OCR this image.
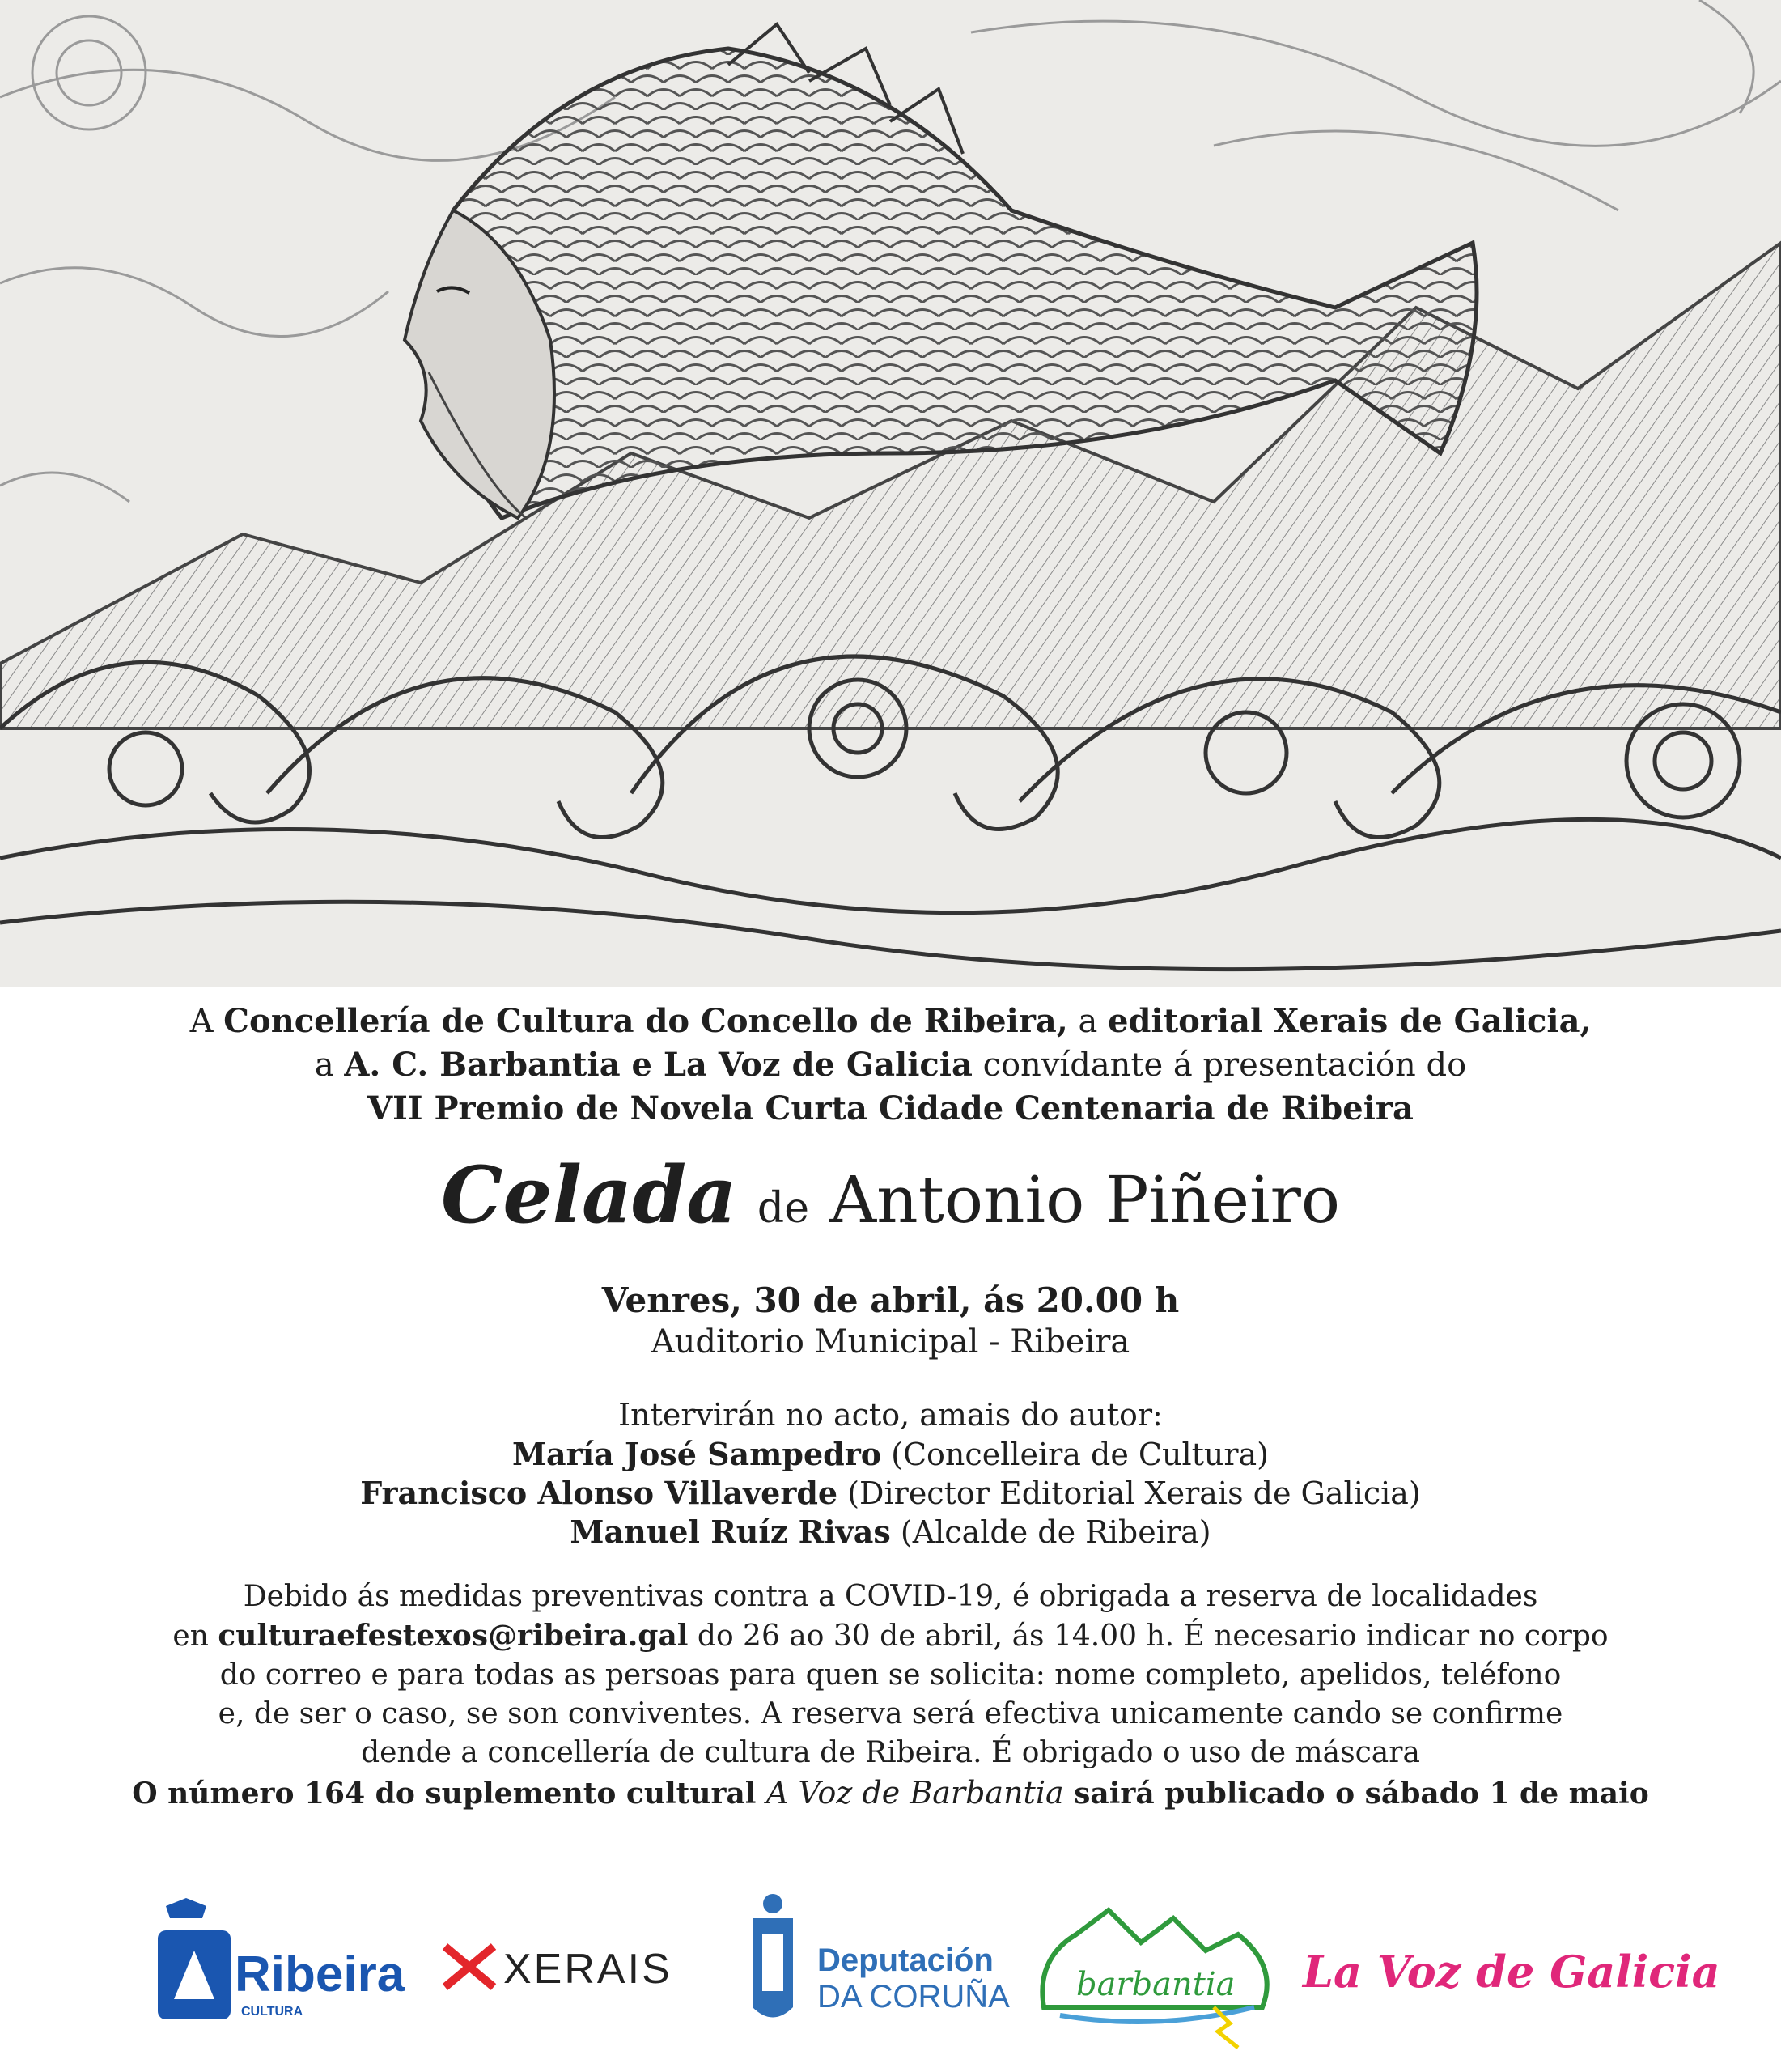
A Concellería de Cultura do Concello de Ribeira, a editorial Xerais de Galicia,
a A. C. Barbantia e La Voz de Galicia convídante á presentación do
VII Premio de Novela Curta Cidade Centenaria de Ribeira
Celada de Antonio Piñeiro
Venres, 30 de abril, ás 20.00 h
Auditorio Municipal - Ribeira
Intervirán no acto, amais do autor:
María José Sampedro (Concelleira de Cultura)
Francisco Alonso Villaverde (Director Editorial Xerais de Galicia)
Manuel Ruíz Rivas (Alcalde de Ribeira)
Debido ás medidas preventivas contra a COVID-19, é obrigada a reserva de localidades
en culturaefestexos@ribeira.gal do 26 ao 30 de abril, ás 14.00 h. É necesario indicar no corpo
do correo e para todas as persoas para quen se solicita: nome completo, apelidos, teléfono
e, de ser o caso, se son conviventes. A reserva será efectiva unicamente cando se confirme
dende a concellería de cultura de Ribeira. É obrigado o uso de máscara
O número 164 do suplemento cultural A Voz de Barbantia sairá publicado o sábado 1 de maio
Ribeira
CULTURA
XERAIS	Deputación
DA CORUÑA barbantia La Voz de Galicia
